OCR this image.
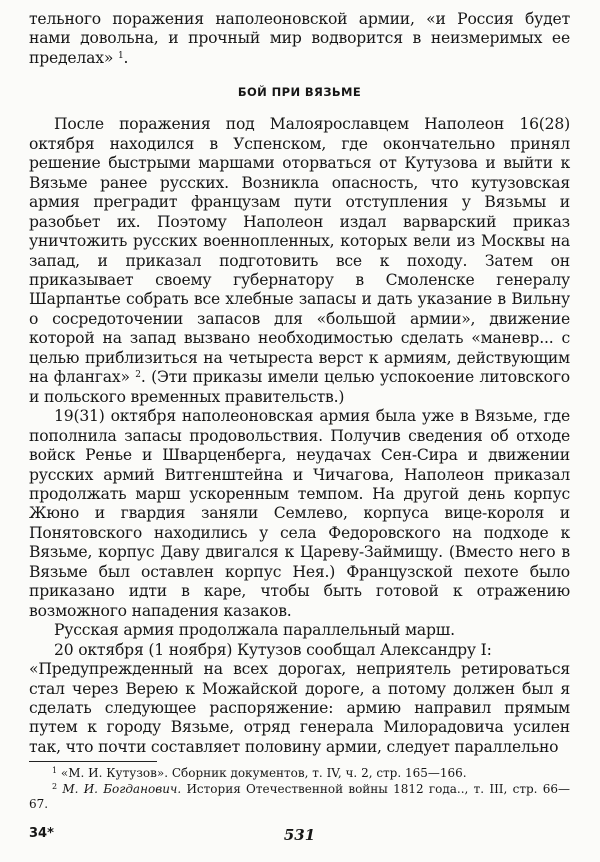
тельного поражения наполеоновской армии, «и Россия будет нами довольна, и прочный мир водворится в неизмеримых ее пределах» $^1$.

БОЙ ПРИ ВЯЗЬМЕ

После поражения под Малоярославцем Наполеон 16(28) октября находился в Успенском, где окончательно принял решение быстрыми маршами оторваться от Кутузова и выйти к Вязьме ранее русских. Возникла опасность, что кутузовская армия преградит французам пути отступления у Вязьмы и разобьет их. Поэтому Наполеон издал варварский приказ уничтожить русских военнопленных, которых вели из Москвы на запад, и приказал подготовить все к походу. Затем он приказывает своему губернатору в Смоленске генералу Шарпантье собрать все хлебные запасы и дать указание в Вильну о сосредоточении запасов для «большой армии», движение которой на запад вызвано необходимостью сделать «маневр... с целью приблизиться на четыреста верст к армиям, действующим на флангах» $^2$. (Эти приказы имели целью успокоение литовского и польского временных правительств.)

19(31) октября наполеоновская армия была уже в Вязьме, где пополнила запасы продовольствия. Получив сведения об отходе войск Ренье и Шварценберга, неудачах Сен-Сира и движении русских армий Витгенштейна и Чичагова, Наполеон приказал продолжать марш ускоренным темпом. На другой день корпус Жюно и гвардия заняли Семлево, корпуса вице-короля и Понятовского находились у села Федоровского на подходе к Вязьме, корпус Даву двигался к Цареву-Займищу. (Вместо него в Вязьме был оставлен корпус Нея.) Французской пехоте было приказано идти в каре, чтобы быть готовой к отражению возможного нападения казаков.

Русская армия продолжала параллельный марш.

20 октября (1 ноября) Кутузов сообщал Александру I:

«Предупрежденный на всех дорогах, неприятель ретироваться стал через Верею к Можайской дороге, а потому должен был я сделать следующее распоряжение: армию направил прямым путем к городу Вязьме, отряд генерала Милорадовича усилен так, что почти составляет половину армии, следует параллельно

$^1$ «М. И. Кутузов». Сборник документов, т. IV, ч. 2, стр. 165—166.

$^2$ М. И. Богданович. История Отечественной войны 1812 года.., т. III, стр. 66—67.

34*	531
